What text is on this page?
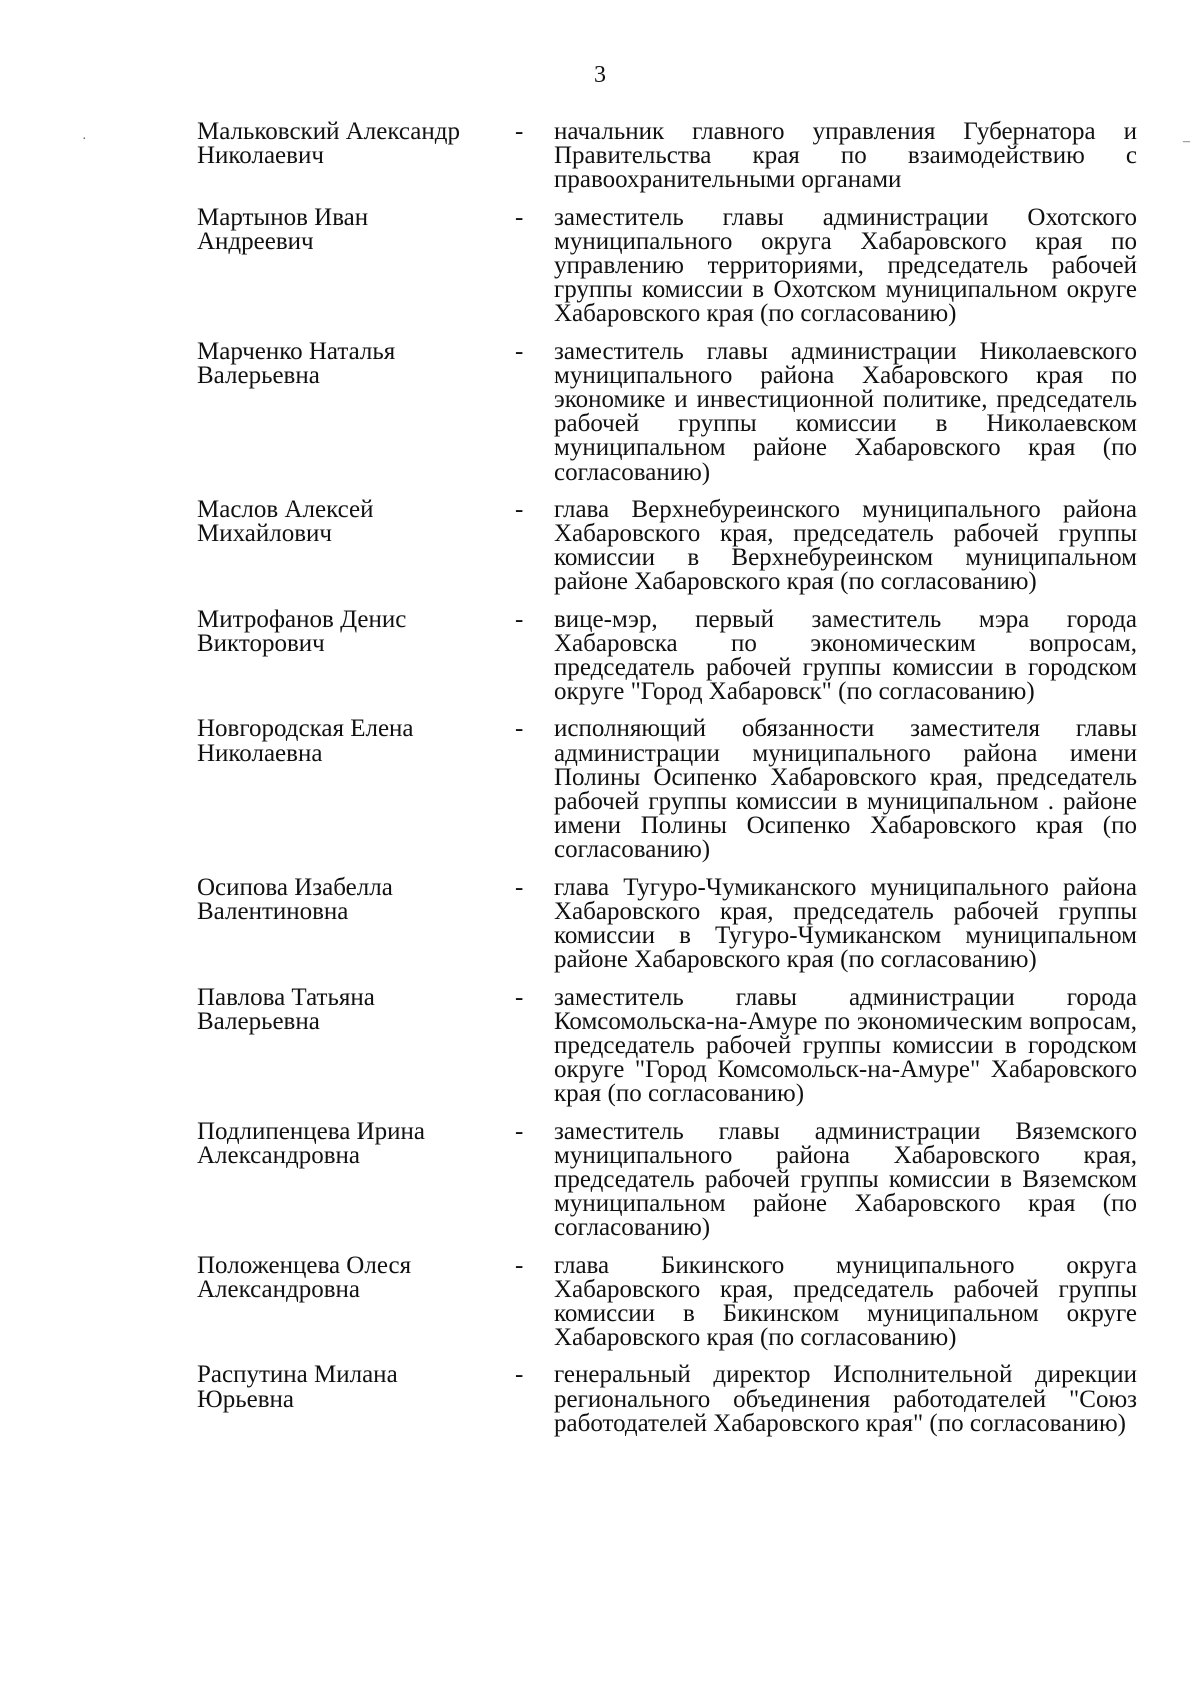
3
·	–
Мальковский Александр
Николаевич
-	начальник главного управления Губернатора и Правительства края по взаимодействию с правоохранительными органами
Мартынов Иван
Андреевич
-	заместитель главы администрации Охотского муниципального округа Хабаровского края по управлению территориями, председатель рабочей группы комиссии в Охотском муниципальном округе Хабаровского края (по согласованию)
Марченко Наталья
Валерьевна
-	заместитель главы администрации Николаевского муниципального района Хабаровского края по экономике и инвестиционной политике, председатель рабочей группы комиссии в Николаевском муниципальном районе Хабаровского края (по согласованию)
Маслов Алексей
Михайлович
-	глава Верхнебуреинского муниципального района Хабаровского края, председатель рабочей группы комиссии в Верхнебуреинском муниципальном районе Хабаровского края (по согласованию)
Митрофанов Денис
Викторович
-	вице-мэр, первый заместитель мэра города Хабаровска по экономическим вопросам, председатель рабочей группы комиссии в городском округе "Город Хабаровск" (по согласованию)
Новгородская Елена
Николаевна
-	исполняющий обязанности заместителя главы администрации муниципального района имени Полины Осипенко Хабаровского края, председатель рабочей группы комиссии в муниципальном . районе имени Полины Осипенко Хабаровского края (по согласованию)
Осипова Изабелла
Валентиновна
-	глава Тугуро-Чумиканского муниципального района Хабаровского края, председатель рабочей группы комиссии в Тугуро-Чумиканском муниципальном районе Хабаровского края (по согласованию)
Павлова Татьяна
Валерьевна
-	заместитель главы администрации города Комсомольска-на-Амуре по экономическим вопросам, председатель рабочей группы комиссии в городском округе "Город Комсомольск-на-Амуре" Хабаровского края (по согласованию)
Подлипенцева Ирина
Александровна
-	заместитель главы администрации Вяземского муниципального района Хабаровского края, председатель рабочей группы комиссии в Вяземском муниципальном районе Хабаровского края (по согласованию)
Положенцева Олеся
Александровна
-	глава Бикинского муниципального округа Хабаровского края, председатель рабочей группы комиссии в Бикинском муниципальном округе Хабаровского края (по согласованию)
Распутина Милана
Юрьевна
-	генеральный директор Исполнительной дирекции регионального объединения работодателей "Союз работодателей Хабаровского края" (по согласованию)
